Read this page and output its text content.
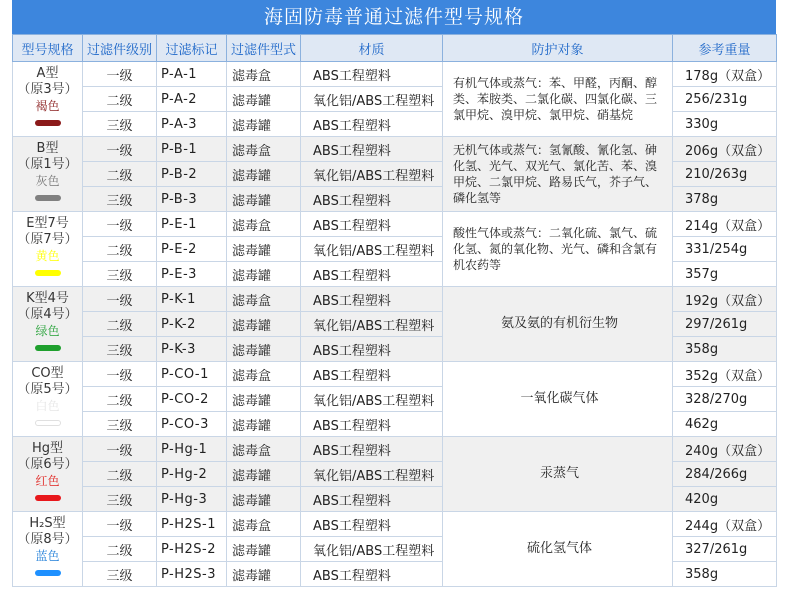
海固防毒普通过滤件型号规格
型号规格	过滤件级别	过滤标记	过滤件型式	材质	防护对象	参考重量

A型
（原3号）
褐色	一级	P-A-1	滤毒盒	ABS工程塑料	有机气体或蒸气：苯、甲醛，丙酮、醇类、苯胺类、二氯化碳、四氯化碳、三氯甲烷、溴甲烷、氯甲烷、硝基烷	178g（双盒）
	二级	P-A-2	滤毒罐	氧化铝/ABS工程塑料		256/231g
	三级	P-A-3	滤毒罐	ABS工程塑料		330g

B型
（原1号）
灰色	一级	P-B-1	滤毒盒	ABS工程塑料	无机气体或蒸气：氢氰酸、氰化氢、砷化氢、光气、双光气、氯化苦、苯、溴甲烷、二氯甲烷、路易氏气，芥子气、磷化氢等	206g（双盒）
	二级	P-B-2	滤毒罐	氧化铝/ABS工程塑料		210/263g
	三级	P-B-3	滤毒罐	ABS工程塑料		378g

E型7号
（原7号）
黄色	一级	P-E-1	滤毒盒	ABS工程塑料	酸性气体或蒸气：二氧化硫、氯气、硫化氢、氮的氧化物、光气、磷和含氯有机农药等	214g（双盒）
	二级	P-E-2	滤毒罐	氧化铝/ABS工程塑料		331/254g
	三级	P-E-3	滤毒罐	ABS工程塑料		357g

K型4号
（原4号）
绿色	一级	P-K-1	滤毒盒	ABS工程塑料	氨及氨的有机衍生物	192g（双盒）
	二级	P-K-2	滤毒罐	氧化铝/ABS工程塑料		297/261g
	三级	P-K-3	滤毒罐	ABS工程塑料		358g

CO型
（原5号）
白色	一级	P-CO-1	滤毒盒	ABS工程塑料	一氧化碳气体	352g（双盒）
	二级	P-CO-2	滤毒罐	氧化铝/ABS工程塑料		328/270g
	三级	P-CO-3	滤毒罐	ABS工程塑料		462g

Hg型
（原6号）
红色	一级	P-Hg-1	滤毒盒	ABS工程塑料	汞蒸气	240g（双盒）
	二级	P-Hg-2	滤毒罐	氧化铝/ABS工程塑料		284/266g
	三级	P-Hg-3	滤毒罐	ABS工程塑料		420g

H₂S型
（原8号）
蓝色	一级	P-H2S-1	滤毒盒	ABS工程塑料	硫化氢气体	244g（双盒）
	二级	P-H2S-2	滤毒罐	氧化铝/ABS工程塑料		327/261g
	三级	P-H2S-3	滤毒罐	ABS工程塑料		358g
